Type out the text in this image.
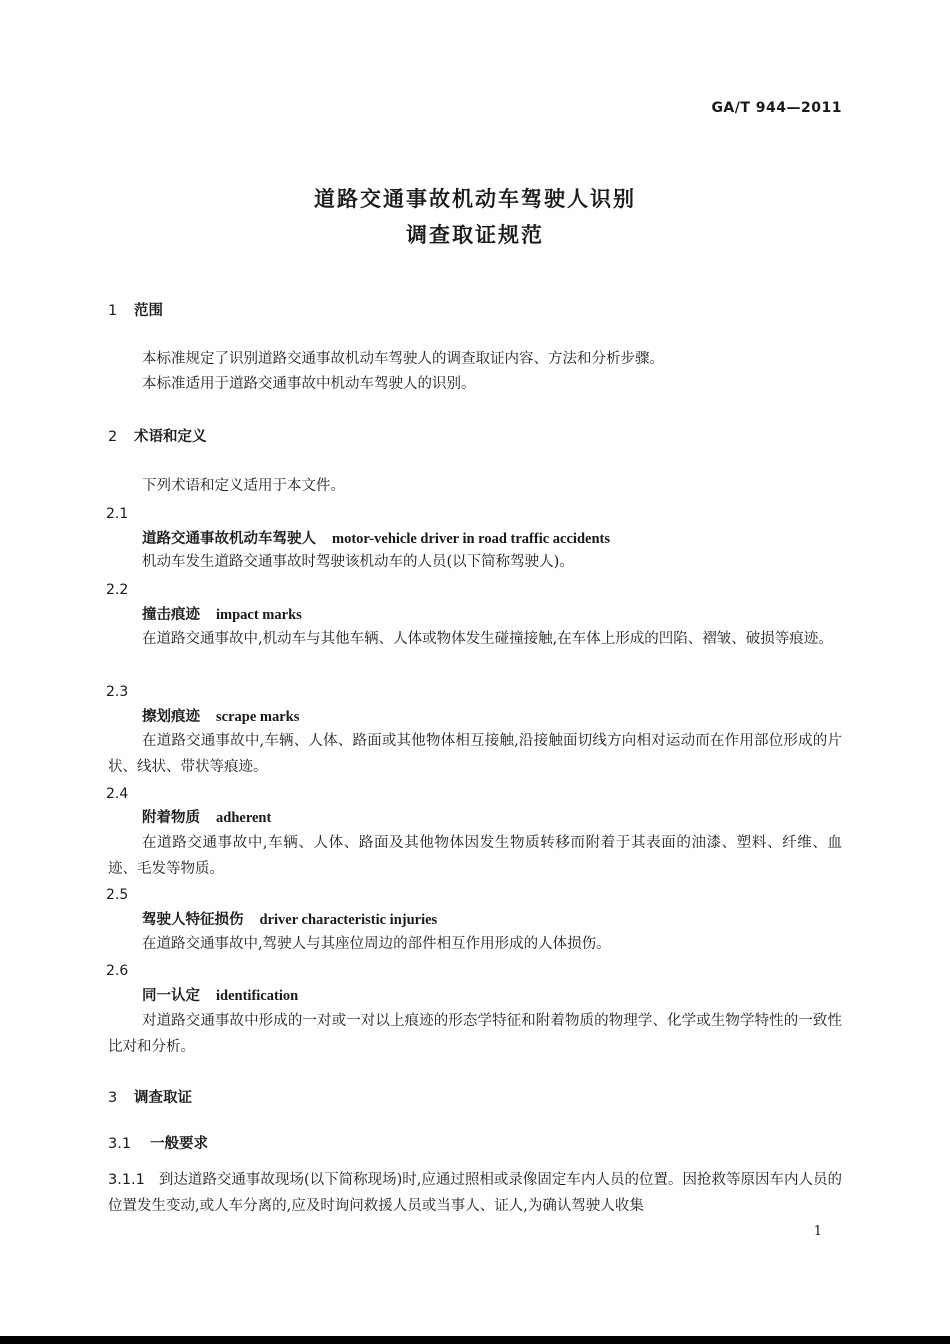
GA/T 944—2011
道路交通事故机动车驾驶人识别
调查取证规范
1 范围
本标准规定了识别道路交通事故机动车驾驶人的调查取证内容、方法和分析步骤。
本标准适用于道路交通事故中机动车驾驶人的识别。
2 术语和定义
下列术语和定义适用于本文件。
2.1
道路交通事故机动车驾驶人 motor-vehicle driver in road traffic accidents
机动车发生道路交通事故时驾驶该机动车的人员(以下简称驾驶人)。
2.2
撞击痕迹 impact marks
在道路交通事故中,机动车与其他车辆、人体或物体发生碰撞接触,在车体上形成的凹陷、褶皱、破损等痕迹。
2.3
擦划痕迹 scrape marks
在道路交通事故中,车辆、人体、路面或其他物体相互接触,沿接触面切线方向相对运动而在作用部位形成的片状、线状、带状等痕迹。
2.4
附着物质 adherent
在道路交通事故中,车辆、人体、路面及其他物体因发生物质转移而附着于其表面的油漆、塑料、纤维、血迹、毛发等物质。
2.5
驾驶人特征损伤 driver characteristic injuries
在道路交通事故中,驾驶人与其座位周边的部件相互作用形成的人体损伤。
2.6
同一认定 identification
对道路交通事故中形成的一对或一对以上痕迹的形态学特征和附着物质的物理学、化学或生物学特性的一致性比对和分析。
3 调查取证
3.1 一般要求
3.1.1 到达道路交通事故现场(以下简称现场)时,应通过照相或录像固定车内人员的位置。因抢救等原因车内人员的位置发生变动,或人车分离的,应及时询问救援人员或当事人、证人,为确认驾驶人收集
1
